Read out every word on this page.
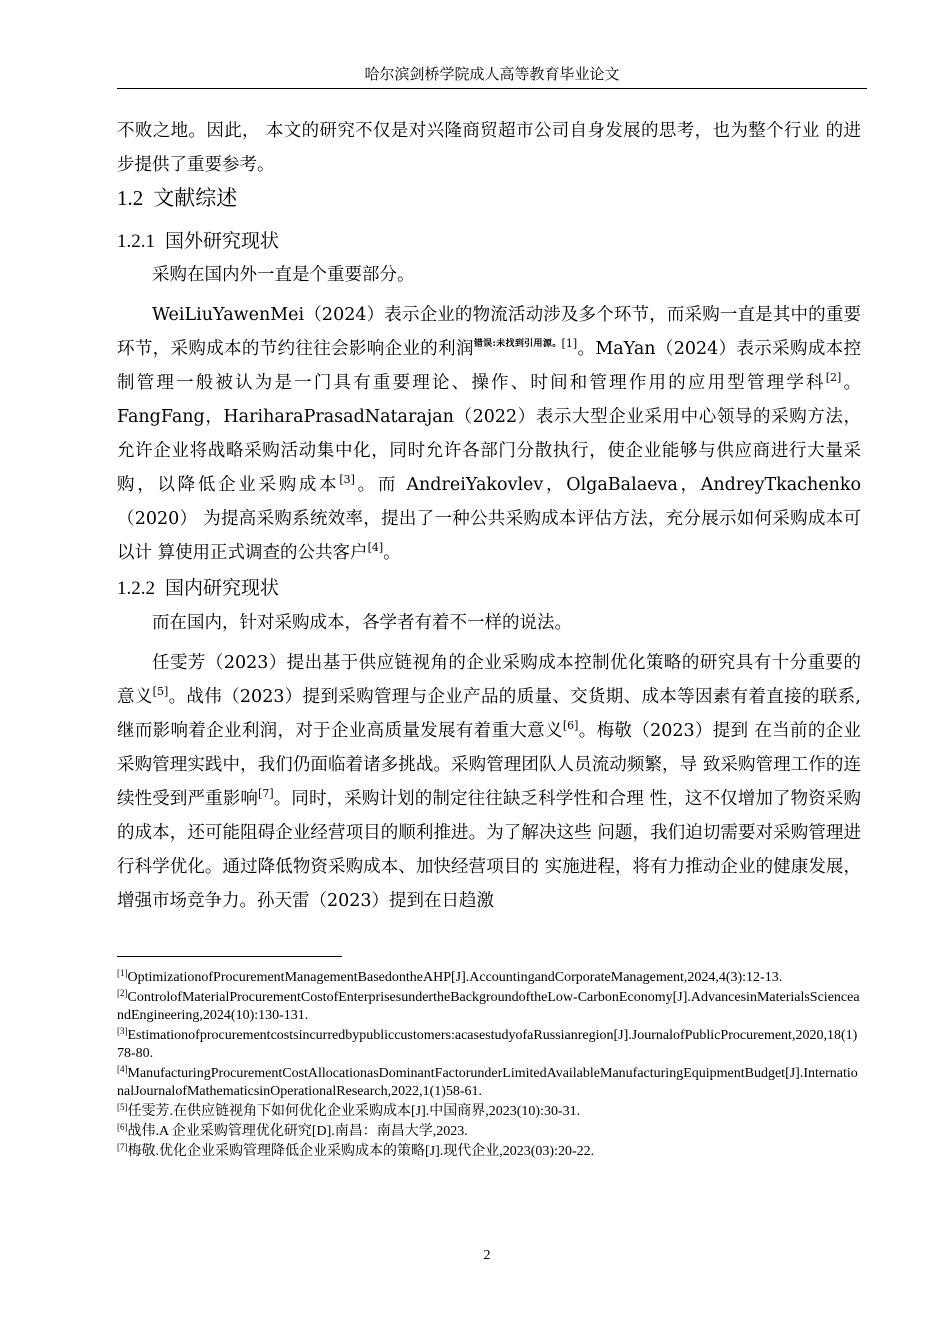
哈尔滨剑桥学院成人高等教育毕业论文
不败之地。因此， 本文的研究不仅是对兴隆商贸超市公司自身发展的思考，也为整个行业 的进步提供了重要参考。
1.2 文献综述
1.2.1 国外研究现状
采购在国内外一直是个重要部分。
WeiLiuYawenMei（2024）表示企业的物流活动涉及多个环节，而采购一直是其中的重要环节，采购成本的节约往往会影响企业的利润$^{错误:未找到引用源。[1]}$。MaYan（2024）表示采购成本控制管理一般被认为是一门具有重要理论、操作、时间和管理作用的应用型管理学科[2]。FangFang，HariharaPrasadNatarajan（2022）表示大型企业采用中心领导的采购方法，允许企业将战略采购活动集中化，同时允许各部门分散执行，使企业能够与供应商进行大量采购，以降低企业采购成本[3]。而 AndreiYakovlev，OlgaBalaeva，AndreyTkachenko（2020） 为提高采购系统效率，提出了一种公共采购成本评估方法，充分展示如何采购成本可以计 算使用正式调查的公共客户[4]。
1.2.2 国内研究现状
而在国内，针对采购成本，各学者有着不一样的说法。
任雯芳（2023）提出基于供应链视角的企业采购成本控制优化策略的研究具有十分重要的意义[5]。战伟（2023）提到采购管理与企业产品的质量、交货期、成本等因素有着直接的联系,继而影响着企业利润，对于企业高质量发展有着重大意义[6]。梅敬（2023）提到 在当前的企业采购管理实践中，我们仍面临着诸多挑战。采购管理团队人员流动频繁，导 致采购管理工作的连续性受到严重影响[7]。同时，采购计划的制定往往缺乏科学性和合理 性，这不仅增加了物资采购的成本，还可能阻碍企业经营项目的顺利推进。为了解决这些 问题，我们迫切需要对采购管理进行科学优化。通过降低物资采购成本、加快经营项目的 实施进程，将有力推动企业的健康发展，增强市场竞争力。孙天雷（2023）提到在日趋激
[1]OptimizationofProcurementManagementBasedontheAHP[J].AccountingandCorporateManagement,2024,4(3):12-13.
[2]ControlofMaterialProcurementCostofEnterprisesundertheBackgroundoftheLow-CarbonEconomy[J].AdvancesinMaterialsScienceandEngineering,2024(10):130-131.
[3]Estimationofprocurementcostsincurredbypubliccustomers:acasestudyofaRussianregion[J].JournalofPublicProcurement,2020,18(1)78-80.
[4]ManufacturingProcurementCostAllocationasDominantFactorunderLimitedAvailableManufacturingEquipmentBudget[J].InternationalJournalofMathematicsinOperationalResearch,2022,1(1)58-61.
[5]任雯芳.在供应链视角下如何优化企业采购成本[J].中国商界,2023(10):30-31.
[6]战伟.A 企业采购管理优化研究[D].南昌：南昌大学,2023.
[7]梅敬.优化企业采购管理降低企业采购成本的策略[J].现代企业,2023(03):20-22.
2
